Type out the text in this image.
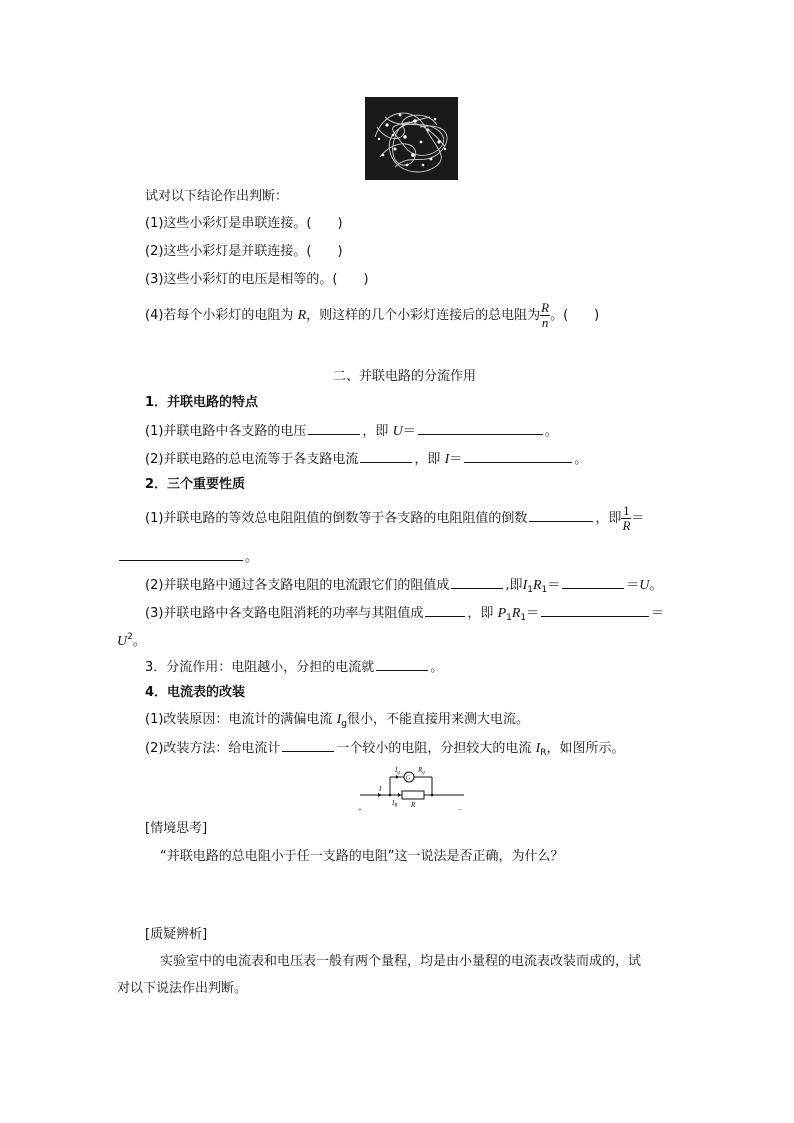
试对以下结论作出判断：
(1)这些小彩灯是串联连接。(　　)
(2)这些小彩灯是并联连接。(　　)
(3)这些小彩灯的电压是相等的。(　　)
(4)若每个小彩灯的电阻为 R，则这样的几个小彩灯连接后的总电阻为 $\frac{R}{n}$ 。(　　)
二、并联电路的分流作用
1．并联电路的特点
(1)并联电路中各支路的电压	，即 U＝	。
(2)并联电路的总电流等于各支路电流	，即 I＝	。
2．三个重要性质
(1)并联电路的等效总电阻阻值的倒数等于各支路的电阻阻值的倒数	，即 $\frac{1}{R}$ ＝
。
(2)并联电路中通过各支路电阻的电流跟它们的阻值成	,即$I_1R_1=$	＝U。
(3)并联电路中各支路电阻消耗的功率与其阻值成	，即 $P_1R_1=$	＝
$U^2$。
3．分流作用：电阻越小，分担的电流就	。
4．电流表的改装
(1)改装原因：电流计的满偏电流 $I_g$很小，不能直接用来测大电流。
(2)改装方法：给电流计	一个较小的电阻，分担较大的电流 $I_R$，如图所示。
$I_g$	$R_g$
G
I
$I_R$ R
+	−
[情境思考]
“并联电路的总电阻小于任一支路的电阻”这一说法是否正确，为什么？
[质疑辨析]
实验室中的电流表和电压表一般有两个量程，均是由小量程的电流表改装而成的，试
对以下说法作出判断。
